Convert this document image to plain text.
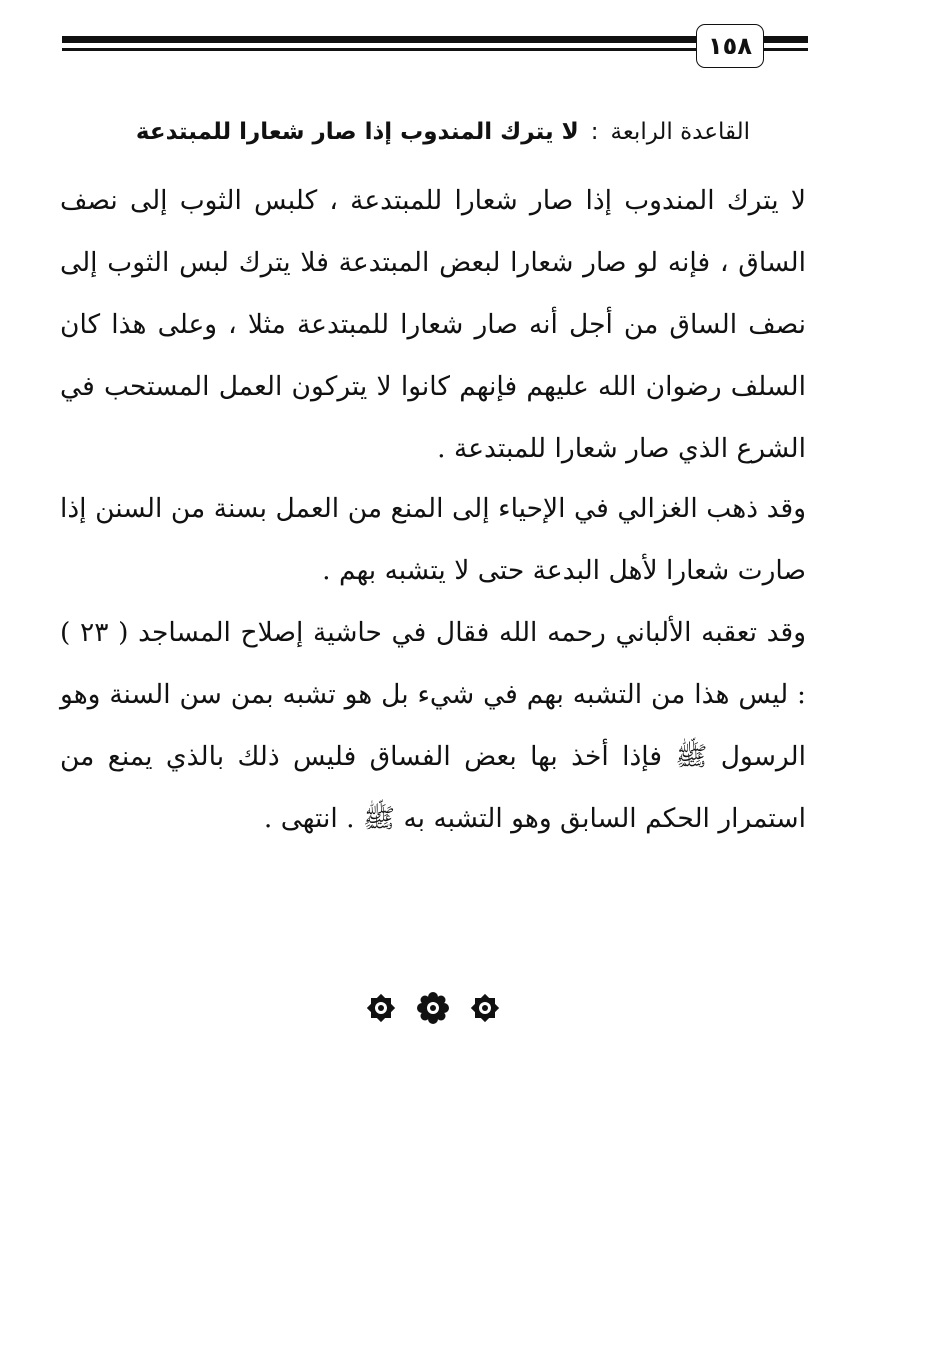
١٥٨
القاعدة الرابعة
:
لا يترك المندوب إذا صار شعارا للمبتدعة

لا يترك المندوب إذا صار شعارا للمبتدعة ، كلبس الثوب إلى نصف الساق ، فإنه لو صار شعارا لبعض المبتدعة فلا يترك لبس الثوب إلى نصف الساق من أجل أنه صار شعارا للمبتدعة مثلا ، وعلى هذا كان السلف رضوان الله عليهم فإنهم كانوا لا يتركون العمل المستحب في الشرع الذي صار شعارا للمبتدعة .

وقد ذهب الغزالي في الإحياء إلى المنع من العمل بسنة من السنن إذا صارت شعارا لأهل البدعة حتى لا يتشبه بهم .

وقد تعقبه الألباني رحمه الله فقال في حاشية إصلاح المساجد ( ٢٣ ) : ليس هذا من التشبه بهم في شيء بل هو تشبه بمن سن السنة وهو الرسول ﷺ فإذا أخذ بها بعض الفساق فليس ذلك بالذي يمنع من استمرار الحكم السابق وهو التشبه به ﷺ . انتهى .
